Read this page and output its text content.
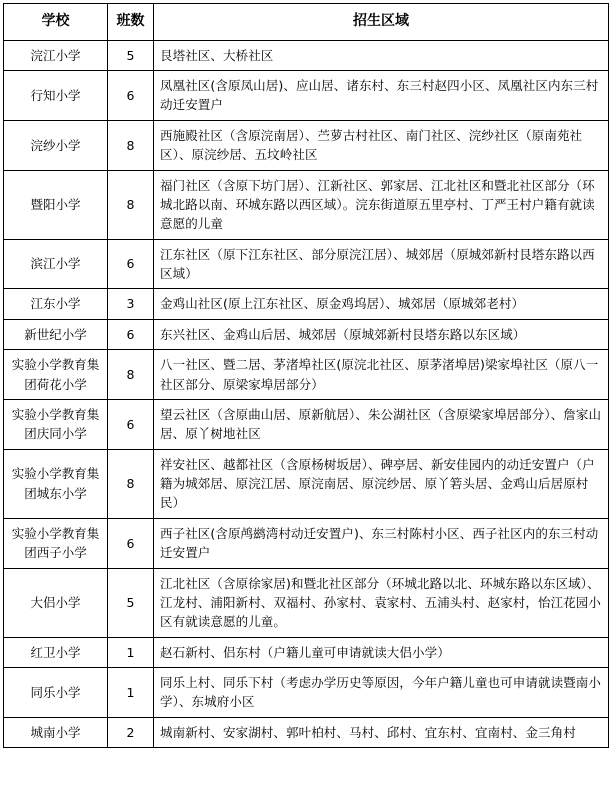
学校	班数	招生区域
浣江小学	5	艮塔社区、大桥社区
行知小学	6	凤凰社区(含原凤山居)、应山居、诸东村、东三村赵四小区、凤凰社区内东三村动迁安置户
浣纱小学	8	西施殿社区（含原浣南居）、苎萝古村社区、南门社区、浣纱社区（原南苑社区）、原浣纱居、五坟岭社区
暨阳小学	8	福门社区（含原下坊门居）、江新社区、郭家居、江北社区和暨北社区部分（环城北路以南、环城东路以西区域）。浣东街道原五里亭村、丁严王村户籍有就读意愿的儿童
滨江小学	6	江东社区（原下江东社区、部分原浣江居）、城郊居（原城郊新村艮塔东路以西区域）
江东小学	3	金鸡山社区(原上江东社区、原金鸡坞居）、城郊居（原城郊老村）
新世纪小学	6	东兴社区、金鸡山后居、城郊居（原城郊新村艮塔东路以东区域）
实验小学教育集团荷花小学	8	八一社区、暨二居、茅渚埠社区(原浣北社区、原茅渚埠居)梁家埠社区（原八一社区部分、原梁家埠居部分）
实验小学教育集团庆同小学	6	望云社区（含原曲山居、原新航居）、朱公湖社区（含原梁家埠居部分）、詹家山居、原丫树地社区
实验小学教育集团城东小学	8	祥安社区、越都社区（含原杨树坂居）、碑亭居、新安佳园内的动迁安置户（户籍为城郊居、原浣江居、原浣南居、原浣纱居、原丫箬头居、金鸡山后居原村民）
实验小学教育集团西子小学	6	西子社区(含原鸬鹚湾村动迁安置户)、东三村陈村小区、西子社区内的东三村动迁安置户
大侣小学	5	江北社区（含原徐家居)和暨北社区部分（环城北路以北、环城东路以东区域）、江龙村、浦阳新村、双福村、孙家村、袁家村、五浦头村、赵家村，怡江花园小区有就读意愿的儿童。
红卫小学	1	赵石新村、侣东村（户籍儿童可申请就读大侣小学）
同乐小学	1	同乐上村、同乐下村（考虑办学历史等原因，今年户籍儿童也可申请就读暨南小学）、东城府小区
城南小学	2	城南新村、安家湖村、郭叶柏村、马村、邱村、宜东村、宜南村、金三角村
